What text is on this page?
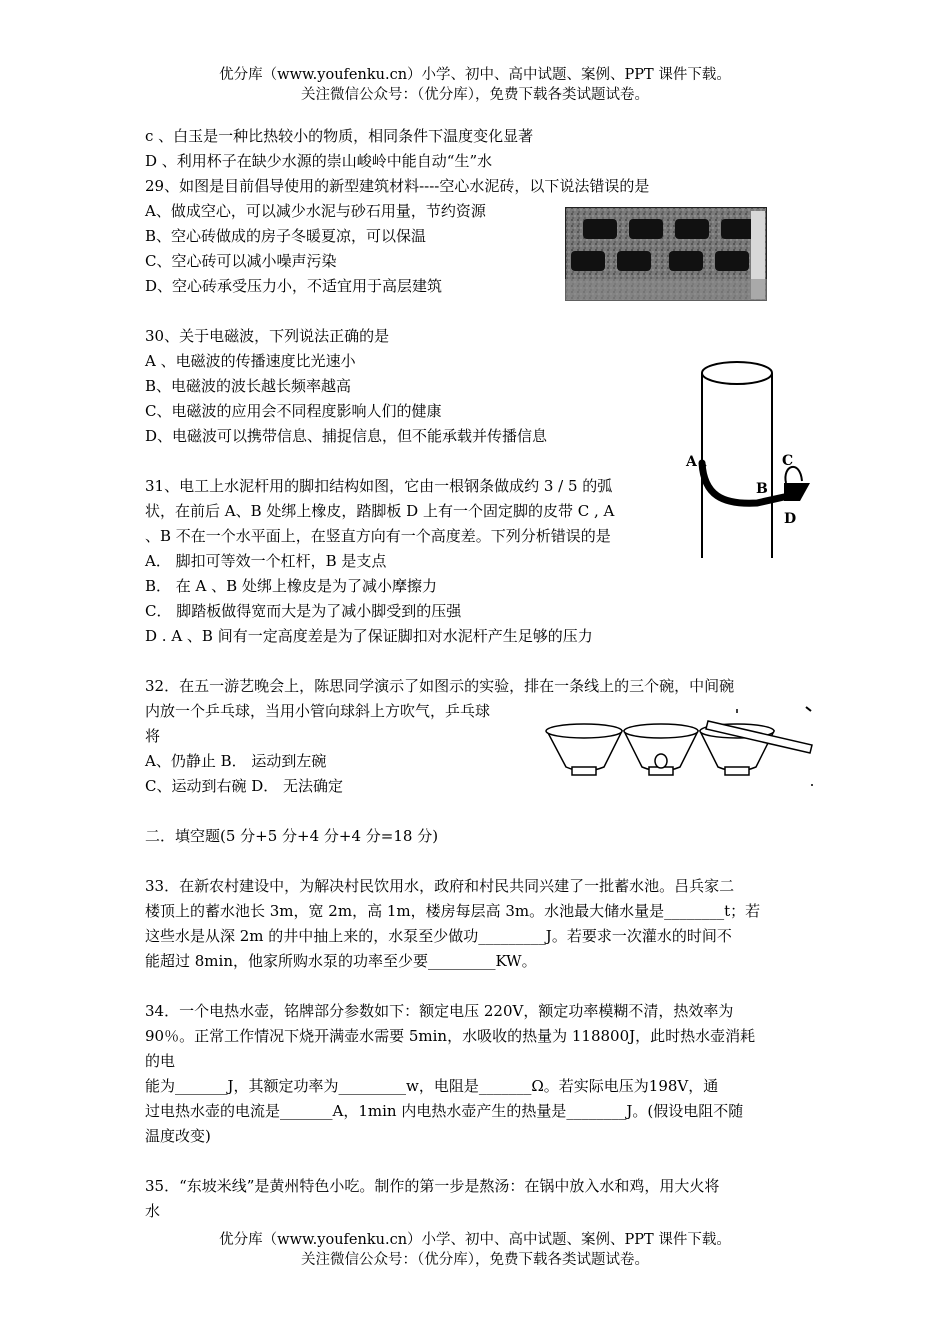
优分库（www.youfenku.cn）小学、初中、高中试题、案例、PPT 课件下载。
关注微信公众号：（优分库），免费下载各类试题试卷。
c 、白玉是一种比热较小的物质，相同条件下温度变化显著
D 、利用杯子在缺少水源的崇山峻岭中能自动“生”水
29、如图是目前倡导使用的新型建筑材料----空心水泥砖，以下说法错误的是
A、做成空心，可以减少水泥与砂石用量，节约资源
B、空心砖做成的房子冬暖夏凉，可以保温
C、空心砖可以减小噪声污染
D、空心砖承受压力小，不适宜用于高层建筑
30、关于电磁波，下列说法正确的是
A 、电磁波的传播速度比光速小
B、电磁波的波长越长频率越高
C、电磁波的应用会不同程度影响人们的健康
D、电磁波可以携带信息、捕捉信息，但不能承载并传播信息
A
B
C
D
31、电工上水泥杆用的脚扣结构如图，它由一根钢条做成约 3 / 5 的弧
状，在前后 A、B 处绑上橡皮，踏脚板 D 上有一个固定脚的皮带 C , A
、B 不在一个水平面上，在竖直方向有一个高度差。下列分析错误的是
A． 脚扣可等效一个杠杆，B 是支点
B． 在 A 、B 处绑上橡皮是为了减小摩擦力
C． 脚踏板做得宽而大是为了减小脚受到的压强
D . A 、B 间有一定高度差是为了保证脚扣对水泥杆产生足够的压力
32．在五一游艺晚会上，陈思同学演示了如图示的实验，排在一条线上的三个碗，中间碗
内放一个乒乓球，当用小管向球斜上方吹气，乒乓球
将
A、仍静止 B． 运动到左碗
C、运动到右碗 D． 无法确定
二．填空题(5 分+5 分+4 分+4 分=18 分)
33．在新农村建设中，为解决村民饮用水，政府和村民共同兴建了一批蓄水池。吕兵家二
楼顶上的蓄水池长 3m，宽 2m，高 1m，楼房每层高 3m。水池最大储水量是________t；若
这些水是从深 2m 的井中抽上来的，水泵至少做功_________J。若要求一次灌水的时间不
能超过 8min，他家所购水泵的功率至少要_________KW。
34．一个电热水壶，铭牌部分参数如下：额定电压 220V，额定功率模糊不清，热效率为
90％。正常工作情况下烧开满壶水需要 5min，水吸收的热量为 118800J，此时热水壶消耗
的电
能为_______J，其额定功率为_________w，电阻是_______Ω。若实际电压为198V，通
过电热水壶的电流是_______A，1min 内电热水壶产生的热量是________J。(假设电阻不随
温度改变)
35．“东坡米线”是黄州特色小吃。制作的第一步是熬汤：在锅中放入水和鸡，用大火将
水
优分库（www.youfenku.cn）小学、初中、高中试题、案例、PPT 课件下载。
关注微信公众号：（优分库），免费下载各类试题试卷。
